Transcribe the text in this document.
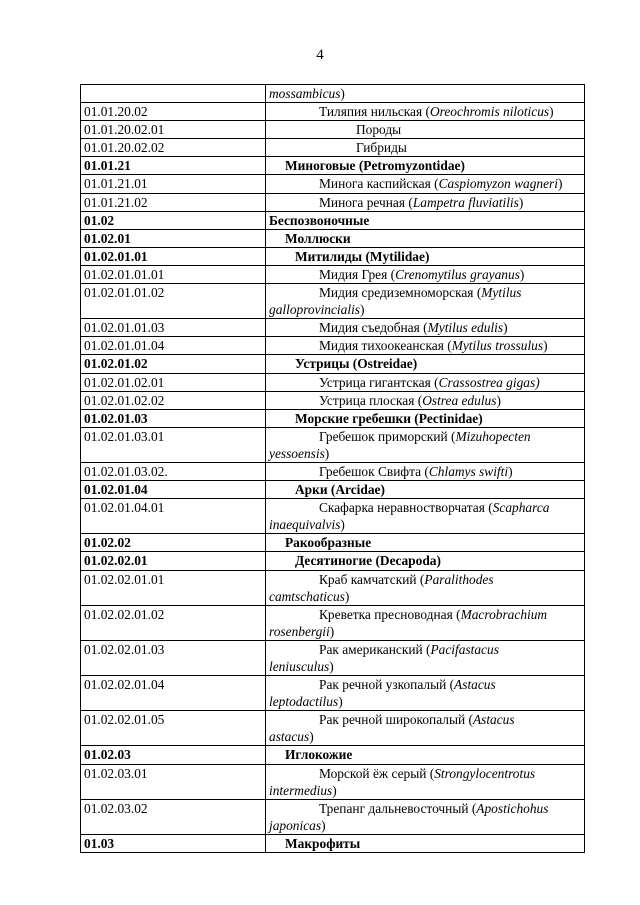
4

	mossambicus)

01.01.20.02	Тиляпия нильская (Oreochromis niloticus)

01.01.20.02.01	Породы

01.01.20.02.02	Гибриды

01.01.21	Миноговые (Petromyzontidae)

01.01.21.01	Минога каспийская (Caspiomyzon wagneri)

01.01.21.02	Минога речная (Lampetra fluviatilis)

01.02	Беспозвоночные

01.02.01	Моллюски

01.02.01.01	Митилиды (Mytilidae)

01.02.01.01.01	Мидия Грея (Crenomytilus grayanus)

01.02.01.01.02	Мидия средиземноморская (Mytilus
galloprovincialis)

01.02.01.01.03	Мидия съедобная (Mytilus edulis)

01.02.01.01.04	Мидия тихоокеанская (Mytilus trossulus)

01.02.01.02	Устрицы (Ostreidae)

01.02.01.02.01	Устрица гигантская (Crassostrea gigas)

01.02.01.02.02	Устрица плоская (Ostrea edulus)

01.02.01.03	Морские гребешки (Pectinidae)

01.02.01.03.01	Гребешок приморский (Mizuhopecten
yessoensis)

01.02.01.03.02.	Гребешок Свифта (Chlamys swifti)

01.02.01.04	Арки (Arcidae)

01.02.01.04.01	Скафарка неравностворчатая (Scapharca
inaequivalvis)

01.02.02	Ракообразные

01.02.02.01	Десятиногие (Decapoda)

01.02.02.01.01	Краб камчатский (Paralithodes
camtschaticus)

01.02.02.01.02	Креветка пресноводная (Macrobrachium
rosenbergii)

01.02.02.01.03	Рак американский (Pacifastacus
leniusculus)

01.02.02.01.04	Рак речной узкопалый (Astacus
leptodactilus)

01.02.02.01.05	Рак речной широкопалый (Astacus
astacus)

01.02.03	Иглокожие

01.02.03.01	Морской ёж серый (Strongylocentrotus
intermedius)

01.02.03.02	Трепанг дальневосточный (Apostichohus
japonicas)

01.03	Макрофиты
